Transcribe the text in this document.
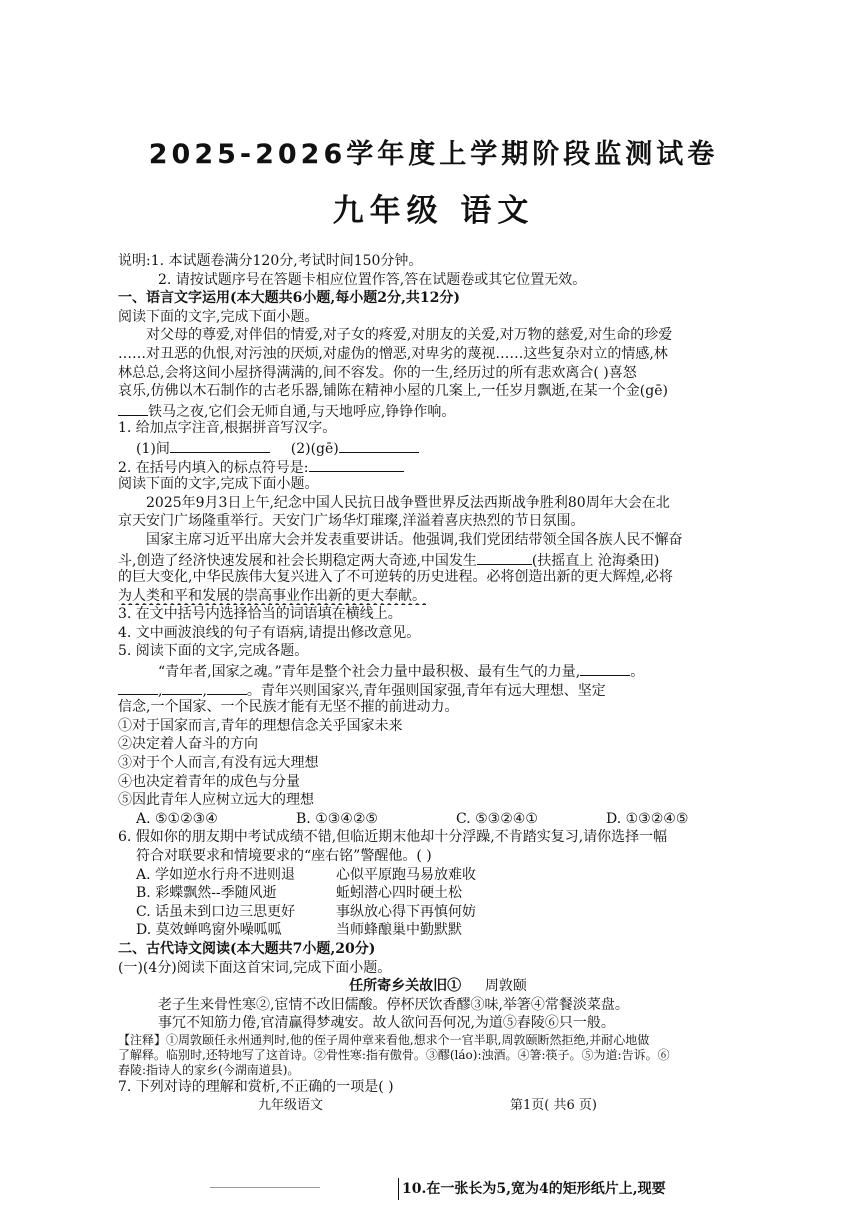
2025-2026学年度上学期阶段监测试卷
九年级 语文
说明:1. 本试题卷满分120分,考试时间150分钟。
2. 请按试题序号在答题卡相应位置作答,答在试题卷或其它位置无效。
一、语言文字运用(本大题共6小题,每小题2分,共12分)
阅读下面的文字,完成下面小题。
对父母的尊爱,对伴侣的情爱,对子女的疼爱,对朋友的关爱,对万物的慈爱,对生命的珍爱
……对丑恶的仇恨,对污浊的厌烦,对虚伪的憎恶,对卑劣的蔑视……这些复杂对立的情感,林
林总总,会将这间小屋挤得满满的,间不容发。你的一生,经历过的所有悲欢离合( )喜怒
哀乐,仿佛以木石制作的古老乐器,铺陈在精神小屋的几案上,一任岁月飘逝,在某一个金(gē)
铁马之夜,它们会无师自通,与天地呼应,铮铮作响。
1. 给加点字注音,根据拼音写汉字。
(1)间	(2)(gē)
2. 在括号内填入的标点符号是:
阅读下面的文字,完成下面小题。
2025年9月3日上午,纪念中国人民抗日战争暨世界反法西斯战争胜利80周年大会在北
京天安门广场隆重举行。天安门广场华灯璀璨,洋溢着喜庆热烈的节日氛围。
国家主席习近平出席大会并发表重要讲话。他强调,我们党团结带领全国各族人民不懈奋
斗,创造了经济快速发展和社会长期稳定两大奇迹,中国发生	(扶摇直上 沧海桑田)
的巨大变化,中华民族伟大复兴进入了不可逆转的历史进程。必将创造出新的更大辉煌,必将
为人类和平和发展的崇高事业作出新的更大奉献。
3. 在文中括号内选择恰当的词语填在横线上。
4. 文中画波浪线的句子有语病,请提出修改意见。
5. 阅读下面的文字,完成各题。
“青年者,国家之魂。”青年是整个社会力量中最积极、最有生气的力量,	。
,	,	。青年兴则国家兴,青年强则国家强,青年有远大理想、坚定
信念,一个国家、一个民族才能有无坚不摧的前进动力。
①对于国家而言,青年的理想信念关乎国家未来
②决定着人奋斗的方向
③对于个人而言,有没有远大理想
④也决定着青年的成色与分量
⑤因此青年人应树立远大的理想
A. ⑤①②③④	B. ①③④②⑤	C. ⑤③②④①	D. ①③②④⑤
6. 假如你的朋友期中考试成绩不错,但临近期末他却十分浮躁,不肯踏实复习,请你选择一幅
符合对联要求和情境要求的“座右铭”警醒他。( )
A. 学如逆水行舟不进则退	心似平原跑马易放难收
B. 彩蝶飘然--季随风逝	蚯蚓潜心四时硬土松
C. 话虽未到口边三思更好	事纵放心得下再慎何妨
D. 莫效蝉鸣窗外噪呱呱	当师蜂酿巢中勤默默
二、古代诗文阅读(本大题共7小题,20分)
(一)(4分)阅读下面这首宋词,完成下面小题。
任所寄乡关故旧① 周敦颐
老子生来骨性寒②,宦情不改旧儒酸。停杯厌饮香醪③味,举箸④常餐淡菜盘。
事冗不知筋力倦,官清赢得梦魂安。故人欲问吾何况,为道⑤舂陵⑥只一般。
【注释】①周敦颐任永州通判时,他的侄子周仲章来看他,想求个一官半职,周敦颐断然拒绝,并耐心地做
了解释。临别时,还特地写了这首诗。②骨性寒:指有傲骨。③醪(láo):浊酒。④箸:筷子。⑤为道:告诉。⑥
舂陵:指诗人的家乡(今湖南道县)。
7. 下列对诗的理解和赏析,不正确的一项是( )
九年级语文	第1页( 共6 页)
10.在一张长为5,宽为4的矩形纸片上,现要
